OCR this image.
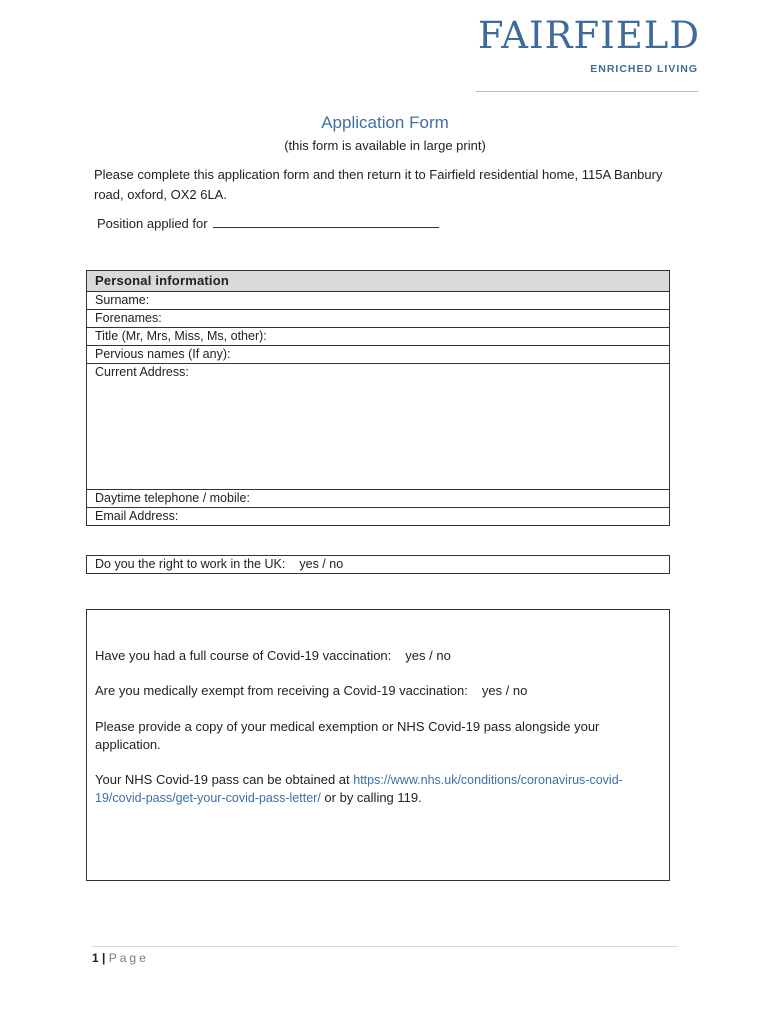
FAIRFIELD
ENRICHED LIVING
Application Form
(this form is available in large print)
Please complete this application form and then return it to Fairfield residential home, 115A Banbury road, oxford, OX2 6LA.
Position applied for
Personal information
Surname:
Forenames:
Title (Mr, Mrs, Miss, Ms, other):
Pervious names (If any):
Current Address:
Daytime telephone / mobile:
Email Address:
Do you the right to work in the UK: yes / no

Have you had a full course of Covid-19 vaccination: yes / no

Are you medically exempt from receiving a Covid-19 vaccination: yes / no

Please provide a copy of your medical exemption or NHS Covid-19 pass alongside your application.

Your NHS Covid-19 pass can be obtained at https://www.nhs.uk/conditions/coronavirus-covid-19/covid-pass/get-your-covid-pass-letter/ or by calling 119.

1 | Page
